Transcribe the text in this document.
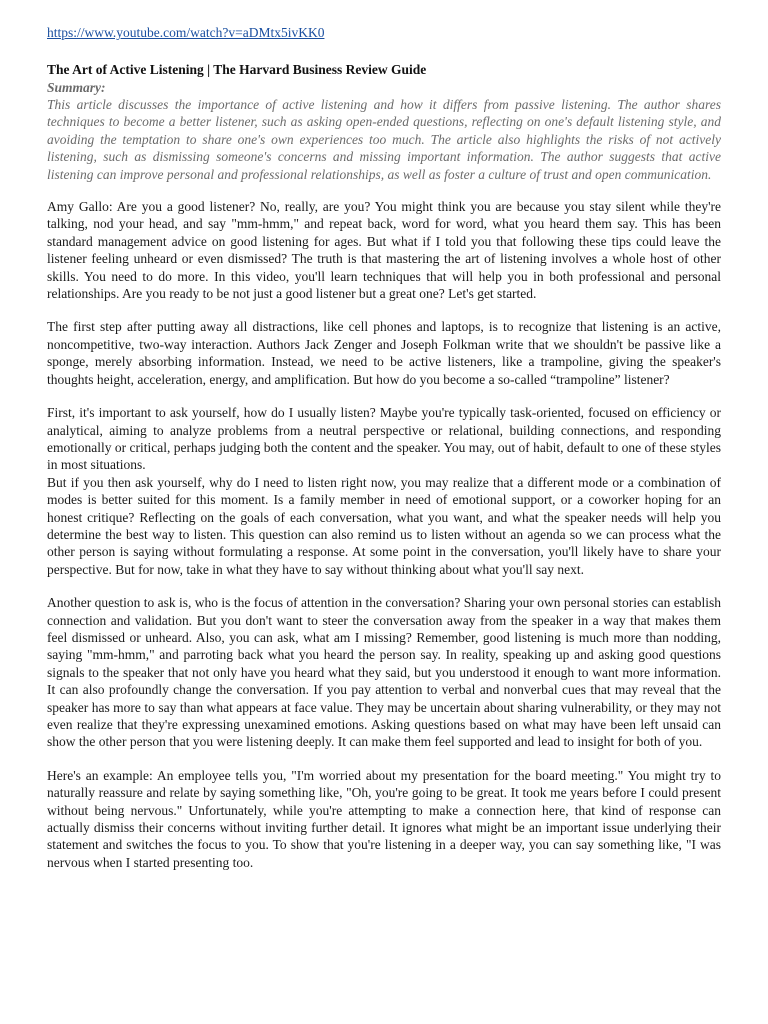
https://www.youtube.com/watch?v=aDMtx5ivKK0

The Art of Active Listening | The Harvard Business Review Guide

Summary:

This article discusses the importance of active listening and how it differs from passive listening. The author shares techniques to become a better listener, such as asking open-ended questions, reflecting on one's default listening style, and avoiding the temptation to share one's own experiences too much. The article also highlights the risks of not actively listening, such as dismissing someone's concerns and missing important information. The author suggests that active listening can improve personal and professional relationships, as well as foster a culture of trust and open communication.

Amy Gallo: Are you a good listener? No, really, are you? You might think you are because you stay silent while they're talking, nod your head, and say "mm-hmm," and repeat back, word for word, what you heard them say. This has been standard management advice on good listening for ages. But what if I told you that following these tips could leave the listener feeling unheard or even dismissed? The truth is that mastering the art of listening involves a whole host of other skills. You need to do more. In this video, you'll learn techniques that will help you in both professional and personal relationships. Are you ready to be not just a good listener but a great one? Let's get started.

The first step after putting away all distractions, like cell phones and laptops, is to recognize that listening is an active, noncompetitive, two-way interaction. Authors Jack Zenger and Joseph Folkman write that we shouldn't be passive like a sponge, merely absorbing information. Instead, we need to be active listeners, like a trampoline, giving the speaker's thoughts height, acceleration, energy, and amplification. But how do you become a so-called “trampoline” listener?

First, it's important to ask yourself, how do I usually listen? Maybe you're typically task-oriented, focused on efficiency or analytical, aiming to analyze problems from a neutral perspective or relational, building connections, and responding emotionally or critical, perhaps judging both the content and the speaker. You may, out of habit, default to one of these styles in most situations.

But if you then ask yourself, why do I need to listen right now, you may realize that a different mode or a combination of modes is better suited for this moment. Is a family member in need of emotional support, or a coworker hoping for an honest critique? Reflecting on the goals of each conversation, what you want, and what the speaker needs will help you determine the best way to listen. This question can also remind us to listen without an agenda so we can process what the other person is saying without formulating a response. At some point in the conversation, you'll likely have to share your perspective. But for now, take in what they have to say without thinking about what you'll say next.

Another question to ask is, who is the focus of attention in the conversation? Sharing your own personal stories can establish connection and validation. But you don't want to steer the conversation away from the speaker in a way that makes them feel dismissed or unheard. Also, you can ask, what am I missing? Remember, good listening is much more than nodding, saying "mm-hmm," and parroting back what you heard the person say. In reality, speaking up and asking good questions signals to the speaker that not only have you heard what they said, but you understood it enough to want more information. It can also profoundly change the conversation. If you pay attention to verbal and nonverbal cues that may reveal that the speaker has more to say than what appears at face value. They may be uncertain about sharing vulnerability, or they may not even realize that they're expressing unexamined emotions. Asking questions based on what may have been left unsaid can show the other person that you were listening deeply. It can make them feel supported and lead to insight for both of you.

Here's an example: An employee tells you, "I'm worried about my presentation for the board meeting." You might try to naturally reassure and relate by saying something like, "Oh, you're going to be great. It took me years before I could present without being nervous." Unfortunately, while you're attempting to make a connection here, that kind of response can actually dismiss their concerns without inviting further detail. It ignores what might be an important issue underlying their statement and switches the focus to you. To show that you're listening in a deeper way, you can say something like, "I was nervous when I started presenting too.
